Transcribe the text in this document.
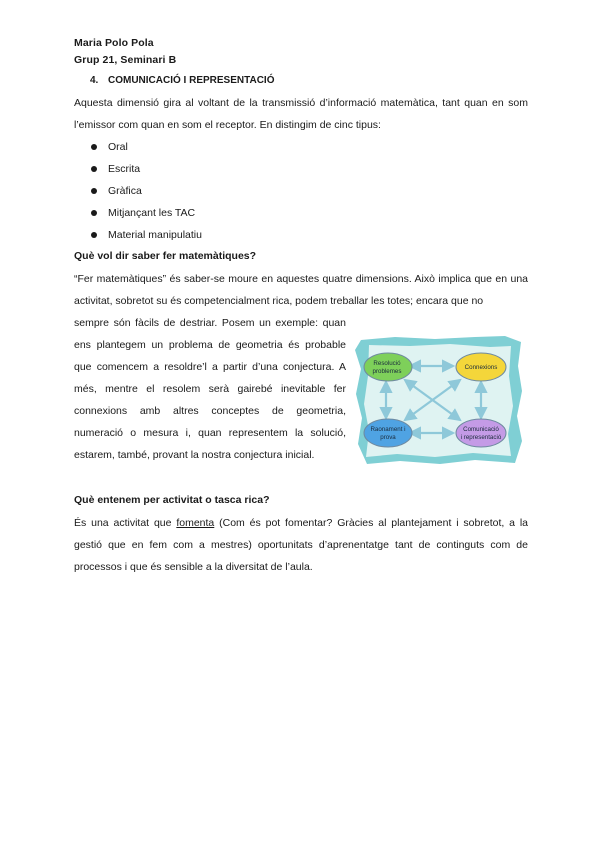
Maria Polo Pola
Grup 21, Seminari B
4. COMUNICACIÓ I REPRESENTACIÓ
Aquesta dimensió gira al voltant de la transmissió d’informació matemàtica, tant quan en som l’emissor com quan en som el receptor. En distingim de cinc tipus:
Oral
Escrita
Gràfica
Mitjançant les TAC
Material manipulatiu
Què vol dir saber fer matemàtiques?
“Fer matemàtiques” és saber-se moure en aquestes quatre dimensions. Això implica que en una activitat, sobretot su és competencialment rica, podem treballar les totes; encara que no
sempre són fàcils de destriar. Posem un exemple: quan ens plantegem un problema de geometria és probable que comencem a resoldre’l a partir d’una conjectura. A més, mentre el resolem serà gairebé inevitable fer connexions amb altres conceptes de geometria, numeració o mesura i, quan representem la solució, estarem, també, provant la nostra conjectura inicial.
Resolució
problemes
Connexions
Raonament i
prova
Comunicació
i representació
Què entenem per activitat o tasca rica?
És una activitat que fomenta (Com és pot fomentar? Gràcies al plantejament i sobretot, a la gestió que en fem com a mestres) oportunitats d’aprenentatge tant de continguts com de processos i que és sensible a la diversitat de l’aula.
